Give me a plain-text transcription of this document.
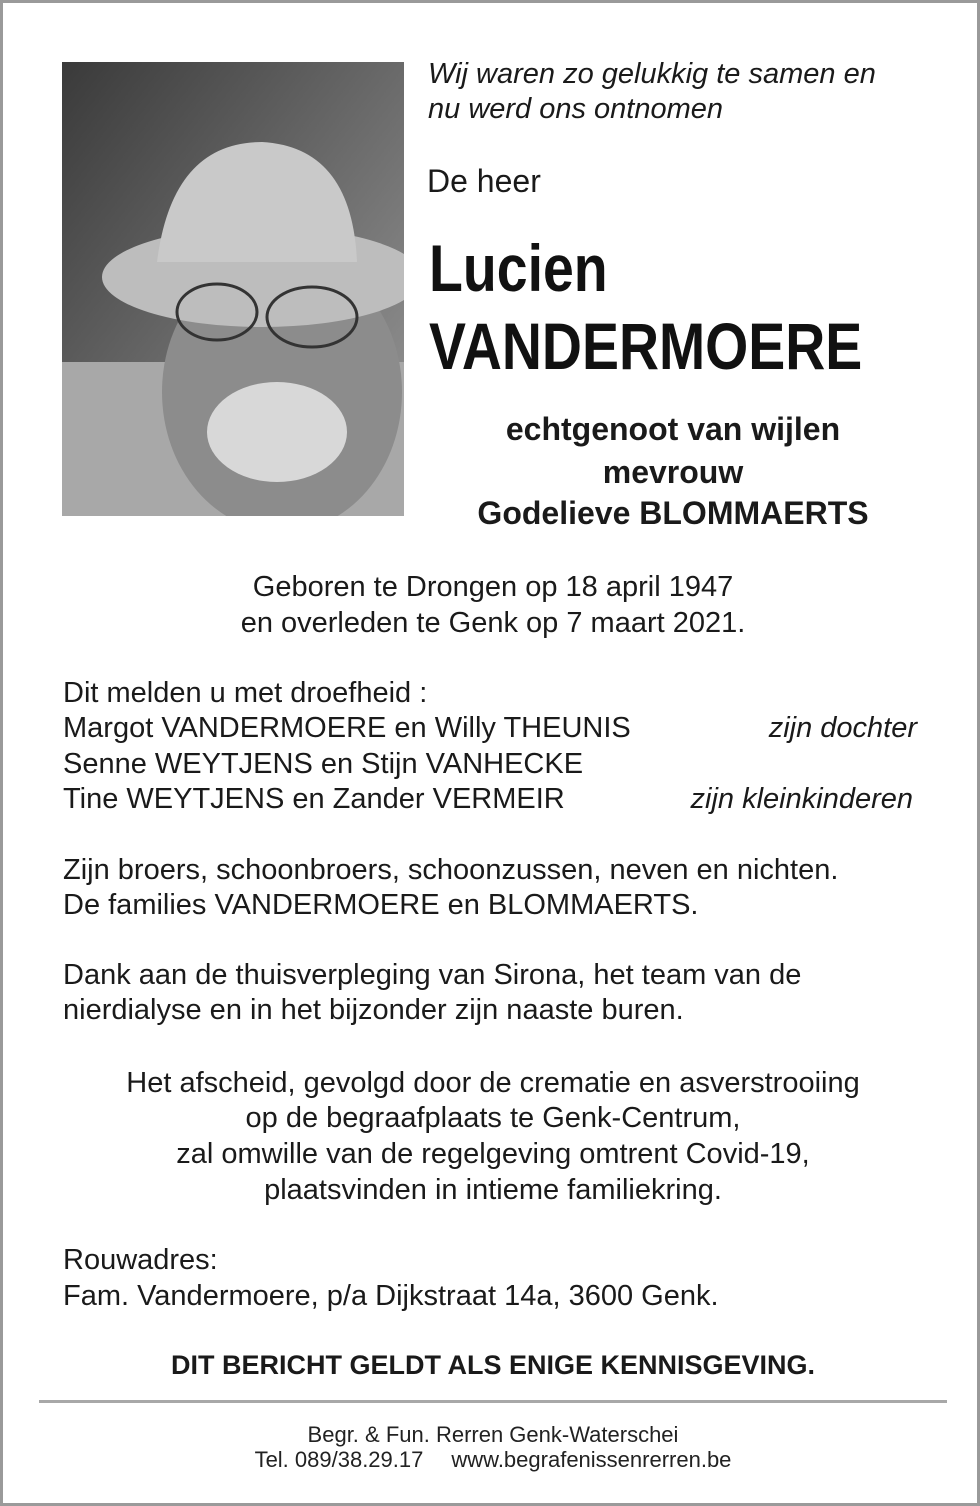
Wij waren zo gelukkig te samen en
nu werd ons ontnomen
De heer
Lucien
VANDERMOERE
echtgenoot van wijlen
mevrouw
Godelieve BLOMMAERTS
Geboren te Drongen op 18 april 1947
en overleden te Genk op 7 maart 2021.
Dit melden u met droefheid :
Margot VANDERMOERE en Willy THEUNIS	zijn dochter
Senne WEYTJENS en Stijn VANHECKE
Tine WEYTJENS en Zander VERMEIR	zijn kleinkinderen
Zijn broers, schoonbroers, schoonzussen, neven en nichten.
De families VANDERMOERE en BLOMMAERTS.
Dank aan de thuisverpleging van Sirona, het team van de
nierdialyse en in het bijzonder zijn naaste buren.
Het afscheid, gevolgd door de crematie en asverstrooiing
op de begraafplaats te Genk-Centrum,
zal omwille van de regelgeving omtrent Covid-19,
plaatsvinden in intieme familiekring.
Rouwadres:
Fam. Vandermoere, p/a Dijkstraat 14a, 3600 Genk.
DIT BERICHT GELDT ALS ENIGE KENNISGEVING.
Begr. & Fun. Rerren Genk-Waterschei
Tel. 089/38.29.17 www.begrafenissenrerren.be
